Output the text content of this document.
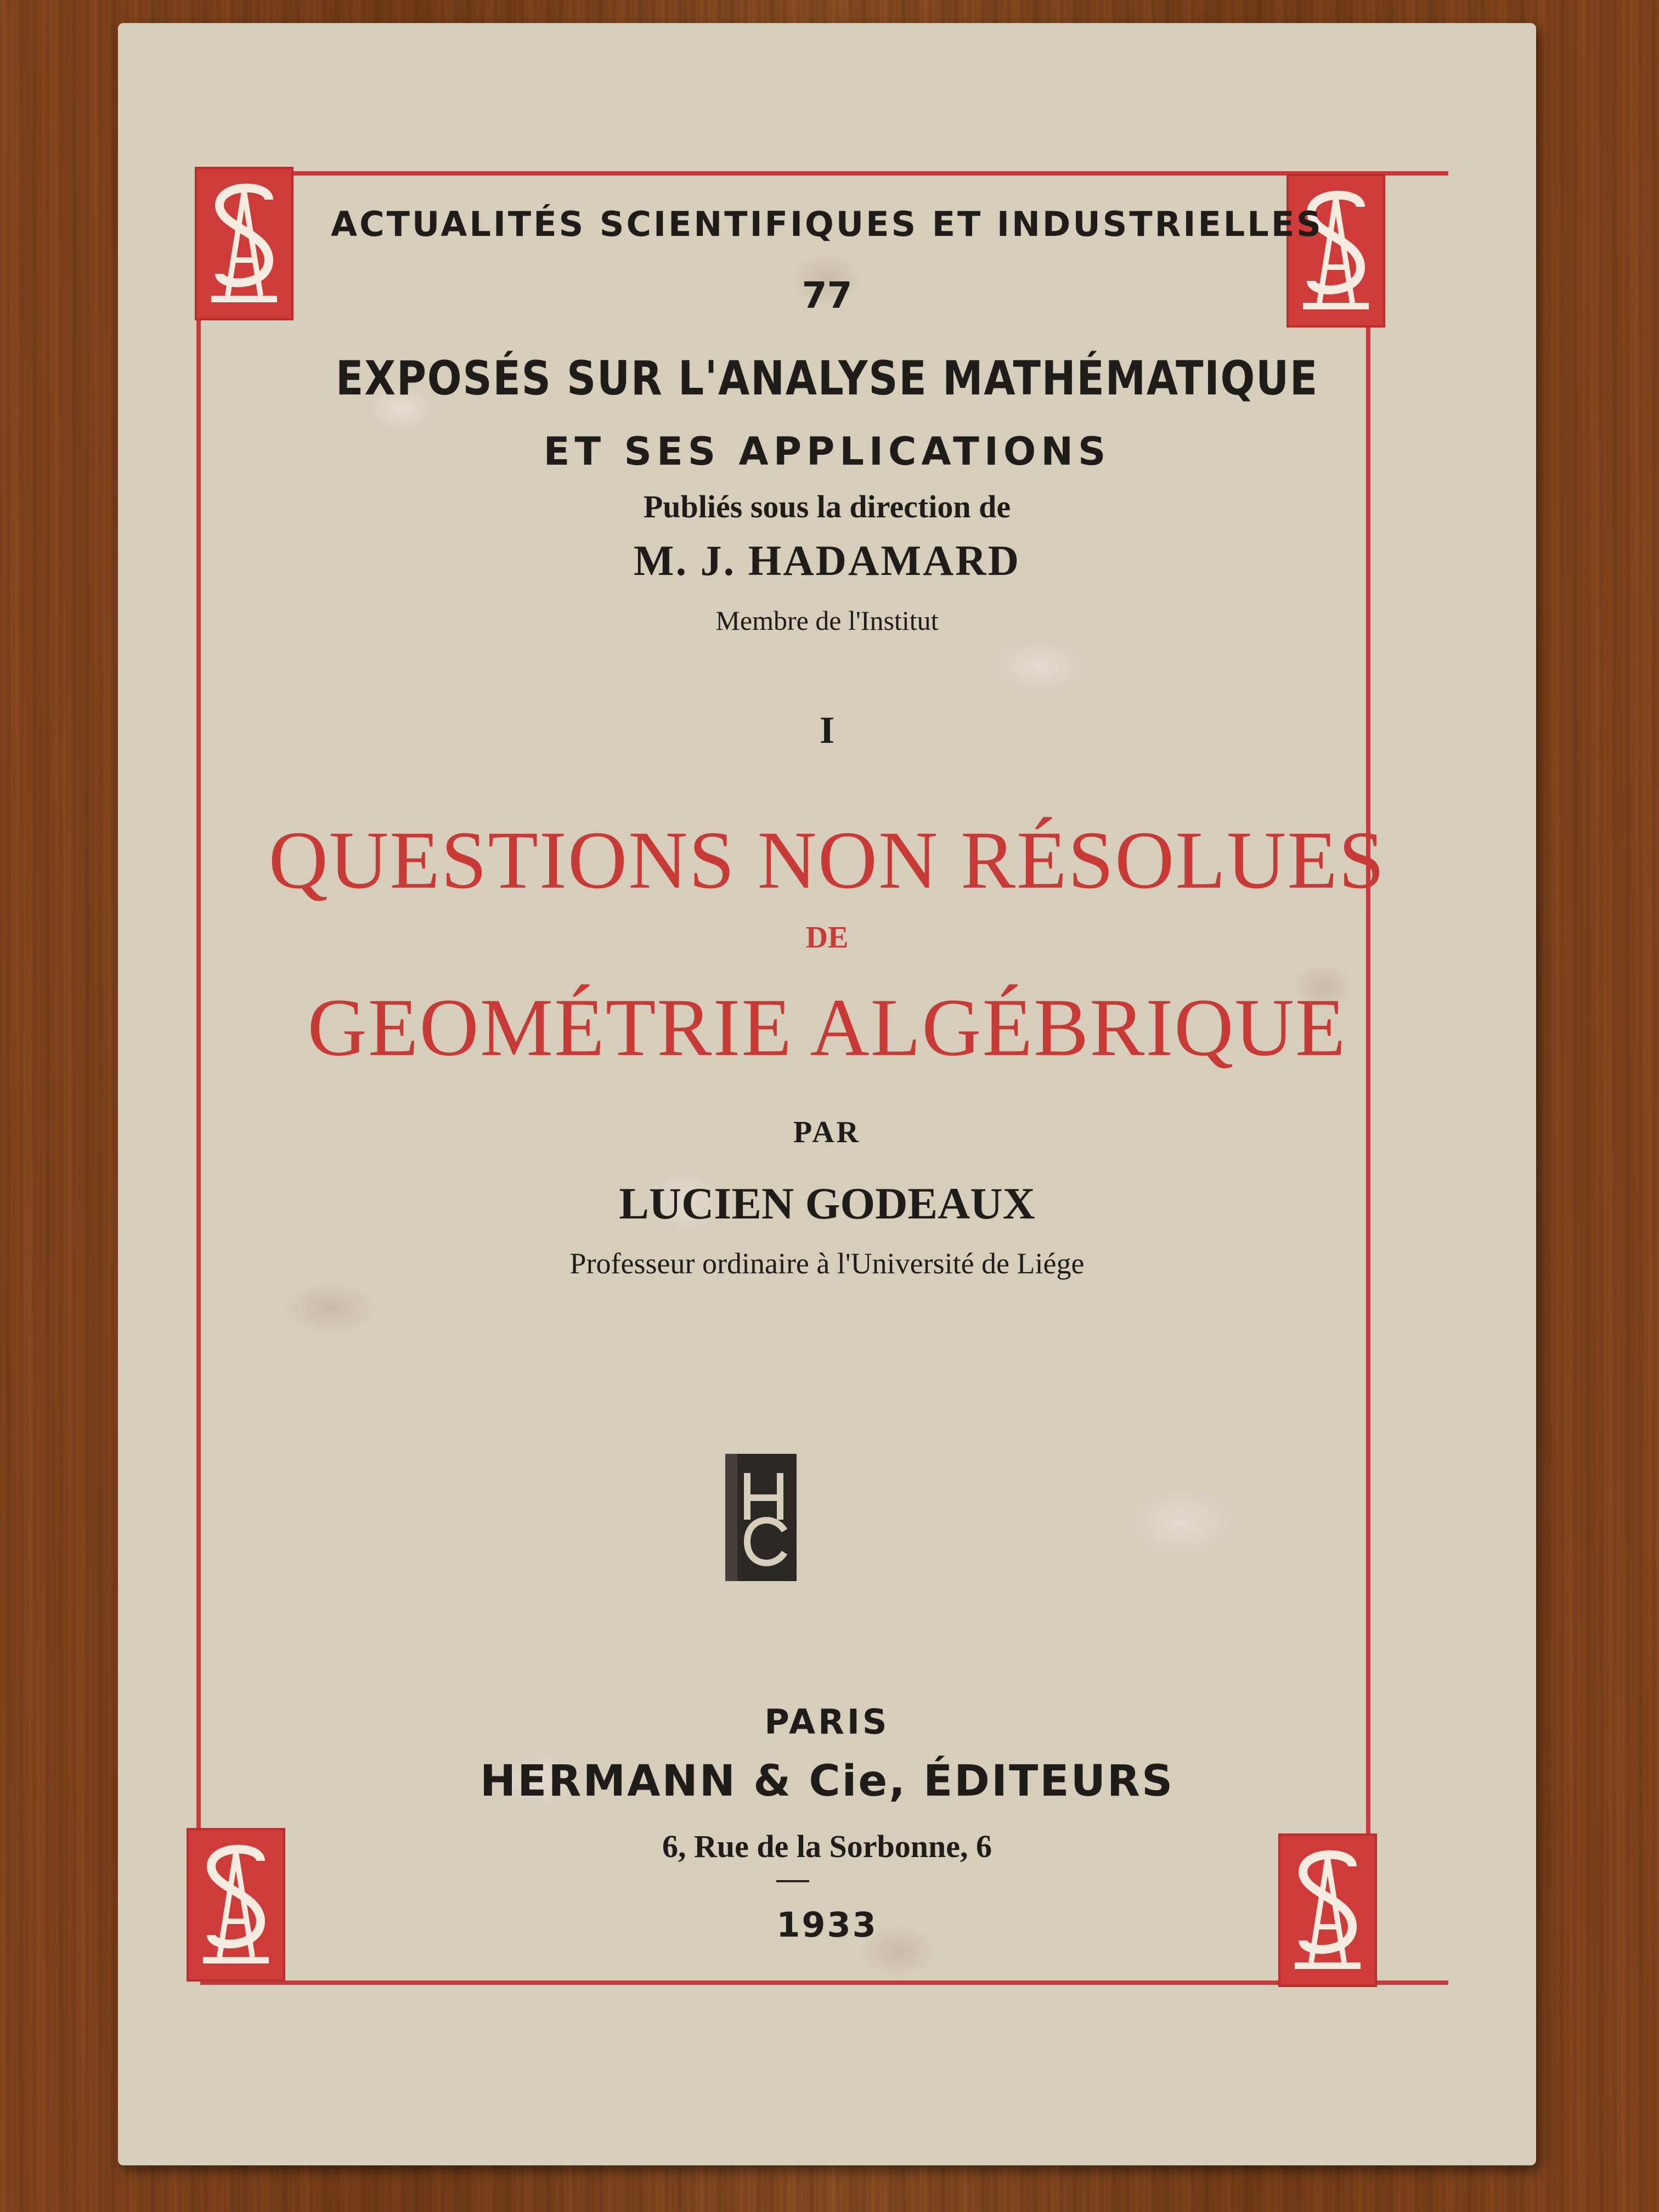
ACTUALITÉS SCIENTIFIQUES ET INDUSTRIELLES

77

EXPOSÉS SUR L'ANALYSE MATHÉMATIQUE

ET SES APPLICATIONS

Publiés sous la direction de

M. J. HADAMARD

Membre de l'Institut

I

QUESTIONS NON RÉSOLUES

DE

GEOMÉTRIE ALGÉBRIQUE

PAR

LUCIEN GODEAUX

Professeur ordinaire à l'Université de Liége

PARIS

HERMANN & Cie, ÉDITEURS

6, Rue de la Sorbonne, 6

1933
